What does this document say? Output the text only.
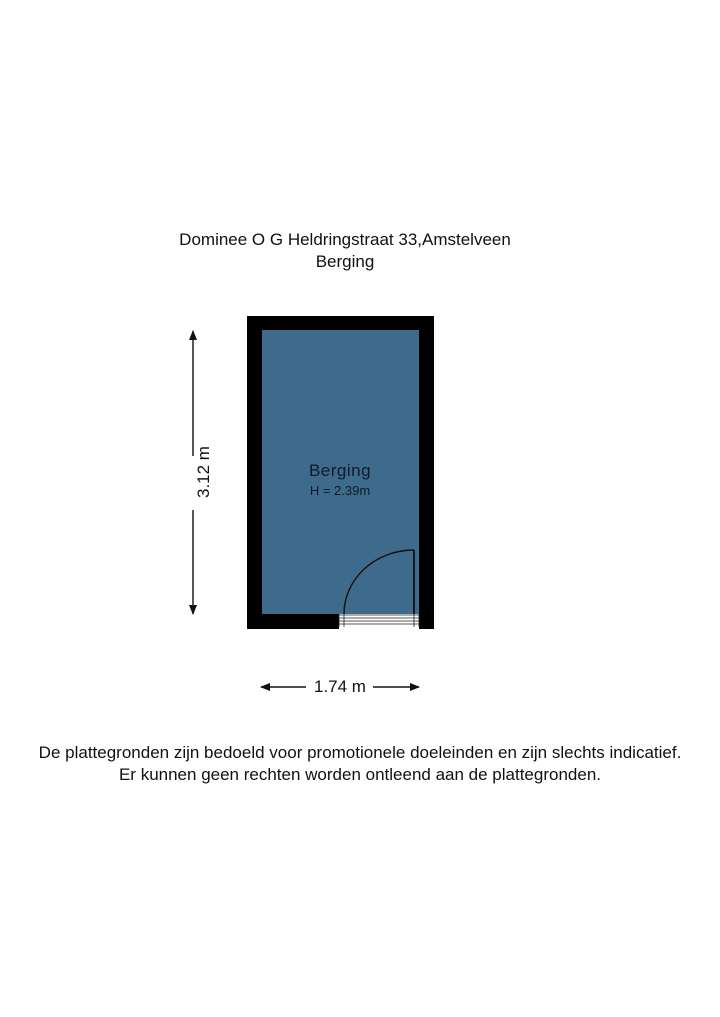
Dominee O G Heldringstraat 33,Amstelveen
Berging
Berging
H = 2.39m
1.74 m
3.12 m
De plattegronden zijn bedoeld voor promotionele doeleinden en zijn slechts indicatief.
Er kunnen geen rechten worden ontleend aan de plattegronden.
